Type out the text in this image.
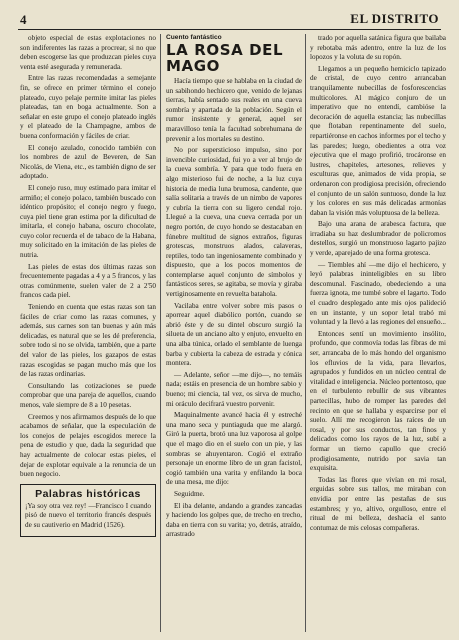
4	EL DISTRITO

objeto especial de estas explotaciones no son indiferentes las razas a procrear, si no que deben escogerse las que produzcan pieles cuya venta esté asegurada y remunerada.

Entre las razas recomendadas a semejante fin, se ofrece en primer término el conejo plateado, cuyo pelaje permite imitar las pieles plateadas, tan en boga actualmente. Son a señalar en este grupo el conejo plateado inglés y el plateado de la Champagne, ambos de buena conformación y fáciles de criar.

El conejo azulado, conocido también con los nombres de azul de Beveren, de San Nicolás, de Viena, etc., es también digno de ser adoptado.

El conejo ruso, muy estimado para imitar el armiño; el conejo polaco, también buscado con idéntico propósito; el conejo negro y fuego, cuya piel tiene gran estima por la dificultad de imitarla, el conejo habana, oscuro chocolate, cuyo color recuerda el de tabaco de la Habana, muy solicitado en la imitación de las pieles de nutria.

Las pieles de estas dos últimas razas son frecuentemente pagadas a 4 y a 5 francos, y las otras comúnmente, suelen valer de 2 a 2'50 francos cada piel.

Teniendo en cuenta que estas razas son tan fáciles de criar como las razas comunes, y además, sus carnes son tan buenas y aún más delicadas, es natural que se les dé preferencia, sobre todo si no se olvida, también, que a parte del valor de las pieles, los gazapos de estas razas escogidas se pagan mucho más que los de las razas ordinarias.

Consultando las cotizaciones se puede comprobar que una pareja de aquellos, cuando menos, vale siempre de 8 a 10 pesetas.

Creemos y nos afirmamos después de lo que acabamos de señalar, que la especulación de los conejos de pelajes escogidos merece la pena de estudio y que, dada la seguridad que hay actualmente de colocar estas pieles, el dejar de explotar equivale a la renuncia de un buen negocio.

Palabras históricas

¡Ya soy otra vez rey! —Francisco I cuando pisó de nuevo el territorio francés después de su cautiverio en Madrid (1526).

Cuento fantástico
LA ROSA DEL MAGO

Hacía tiempo que se hablaba en la ciudad de un sabihondo hechicero que, venido de lejanas tierras, había sentado sus reales en una cueva sombría y apartada de la población. Según el rumor insistente y general, aquel ser maravilloso tenía la facultad sobrehumana de prevenir a los mortales su destino.

No por supersticioso impulso, sino por invencible curiosidad, fui yo a ver al brujo de la cueva sombría. Y para que todo fuera en algo misterioso fui de noche, a la luz cuya historia de media luna brumosa, candente, que salía solitaria a través de un nimbo de vapores y cubría la tierra con su ligero cendal rojo. Llegué a la cueva, una cueva cerrada por un negro portón, de cuyo hondo se destacaban en fúnebre multitud de signos extraños, figuras grotescas, monstruos alados, calaveras, reptiles, todo tan ingeniosamente combinado y dispuesto, que a los pocos momentos de contemplarse aquel conjunto de símbolos y fantásticos seres, se agitaba, se movía y giraba vertiginosamente en revuelta batahola.

Vacilaba entre volver sobre mis pasos o aporrear aquel diabólico portón, cuando se abrió éste y de su dintel obscuro surgió la silueta de un anciano alto y enjuto, envuelto en una alba túnica, orlado el semblante de luenga barba y cubierta la cabeza de estrada y cónica montera.

— Adelante, señor —me dijo—, no temáis nada; estáis en presencia de un hombre sabio y bueno; mi ciencia, tal vez, os sirva de mucho, mi oráculo decifrará vuestro porvenir.

Maquinalmente avancé hacia él y estreché una mano seca y puntiaguda que me alargó. Giró la puerta, brotó una luz vaporosa al golpe que el mago dio en el suelo con un pie, y las sombras se ahuyentaron. Cogió el extraño personaje un enorme libro de un gran facistol, cogió también una varita y enfilando la boca de una mesa, me dijo:

Seguidme.

El iba delante, andando a grandes zancadas y haciendo los golpes que, de trecho en trecho, daba en tierra con su varita; yo, detrás, atraído, arrastrado

trado por aquella satánica figura que bailaba y rebotaba más adentro, entre la luz de los lopozos y la voluta de su ropón.

Llegamos a un pequeño hemiciclo tapizado de cristal, de cuyo centro arrancaban tranquilamente nubecillas de fosforescencias multicolores. Al mágico conjuro de un imperativo que no entendí, cambióse la decoración de aquella estancia; las nubecillas que flotaban repentinamente del suelo, repartiéronse en cachos informes por el techo y las paredes; luego, obedientes a otra voz ejecutiva que el mago profirió, trocáronse en lustres, chapiteles, artesones, relieves y esculturas que, animados de vida propia, se ordenaron con prodigiosa precisión, ofreciendo el conjunto de un salón suntuoso, donde la luz y los colores en sus más delicadas armonías daban la visión más voluptuosa de la belleza.

Bajo una arana de arabesca factura, que irradiaba su haz deslumbrador de policromos destellos, surgió un monstruoso lagarto pajizo y verde, aparejado de una forma grotesca.

— Tiembles ahí —me dijo el hechicero, y leyó palabras ininteligibles en su libro descomunal. Fascinado, obedeciendo a una fuerza ignota, me tumbé sobre el lagarto. Todo el cuadro desplegado ante mis ojos palideció en un instante, y un sopor letal trabó mi voluntad y la llevó a las regiones del ensueño...

Entonces sentí un movimiento insólito, profundo, que conmovía todas las fibras de mi ser, arrancaba de lo más hondo del organismo los efluvios de la vida, para llevarlos, agrupados y fundidos en un núcleo central de vitalidad e inteligencia. Núcleo portentoso, que en el turbulento rebullir de sus vibrantes partecillas, hubo de romper las paredes del recinto en que se hallaba y esparcirse por el suelo. Allí me recogieron las raíces de un rosal, y por sus conductos, tan finos y delicados como los rayos de la luz, subí a formar un tierno capullo que creció prodigiosamente, nutrido por savia tan exquisita.

Todas las flores que vivían en mi rosal, erguidas sobre sus tallos, me miraban con envidia por entre las pestañas de sus estambres; y yo, altivo, orgulloso, entre el ritual de mi belleza, deshacía el santo contumaz de mis celosas compañeras.
